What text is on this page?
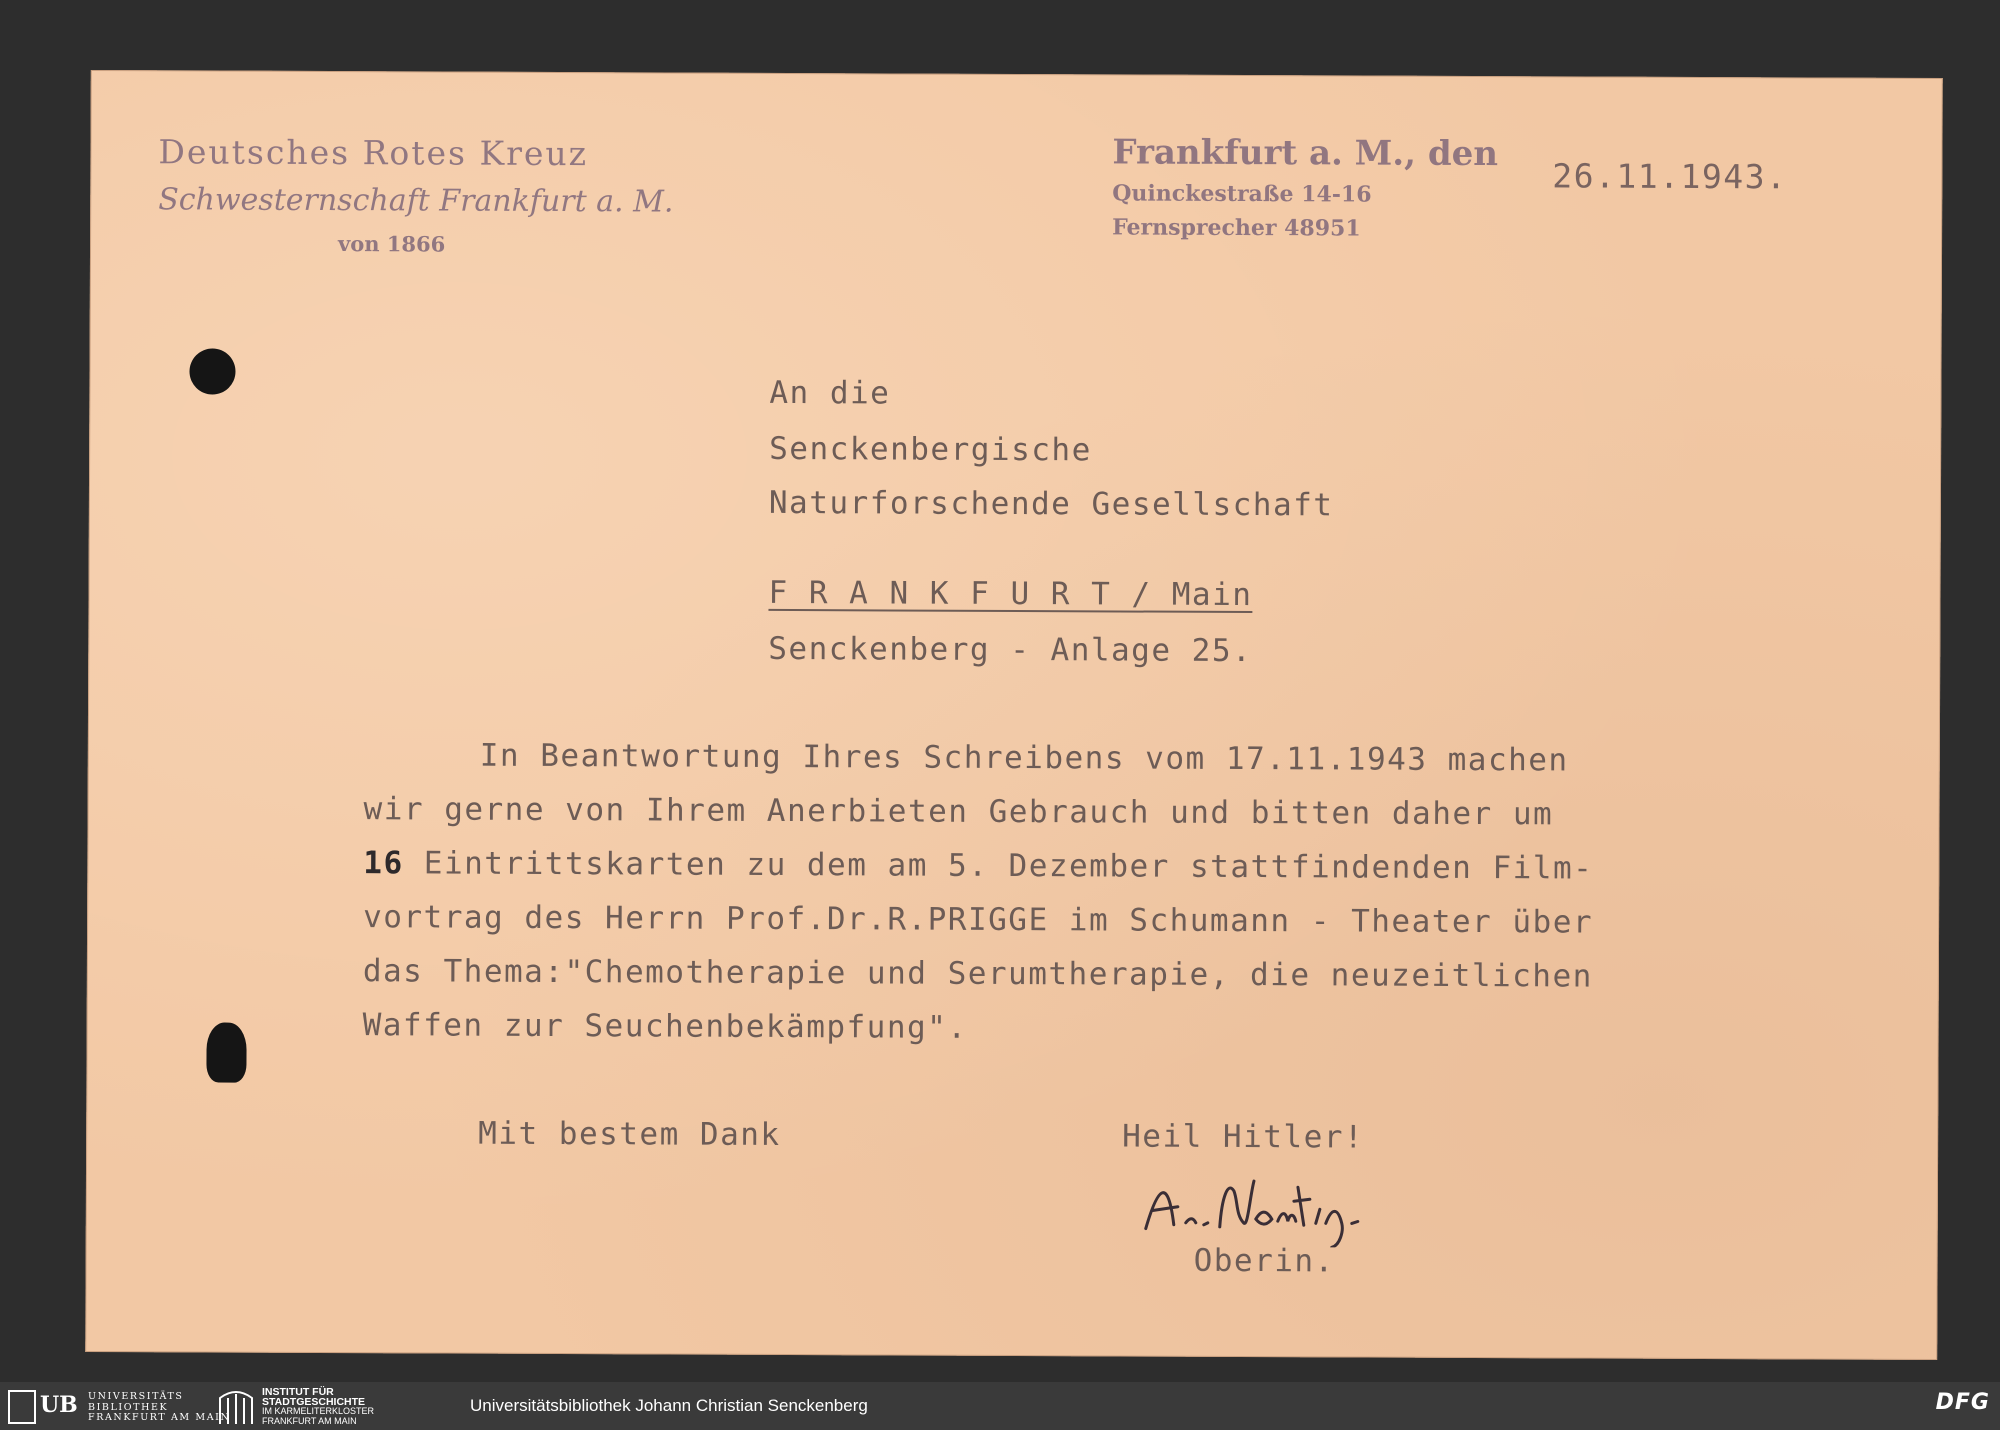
Deutsches Rotes Kreuz
Schwesternschaft Frankfurt a. M.
von 1866
Frankfurt a. M., den
Quinckestraße 14-16
Fernsprecher 48951
26.11.1943.
An die
Senckenbergische
Naturforschende Gesellschaft
F R A N K F U R T / Main
Senckenberg - Anlage 25.
In Beantwortung Ihres Schreibens vom 17.11.1943 machen
wir gerne von Ihrem Anerbieten Gebrauch und bitten daher um
16 Eintrittskarten zu dem am 5. Dezember stattfindenden Film-
vortrag des Herrn Prof.Dr.R.PRIGGE im Schumann - Theater über
das Thema:"Chemotherapie und Serumtherapie, die neuzeitlichen
Waffen zur Seuchenbekämpfung".
Mit bestem Dank	Heil Hitler!
Oberin.
UB UNIVERSITÄTS
BIBLIOTHEK
FRANKFURT AM MAIN
INSTITUT FÜR
STADTGESCHICHTE
IM KARMELITERKLOSTER
FRANKFURT AM MAIN
Universitätsbibliothek Johann Christian Senckenberg	DFG
